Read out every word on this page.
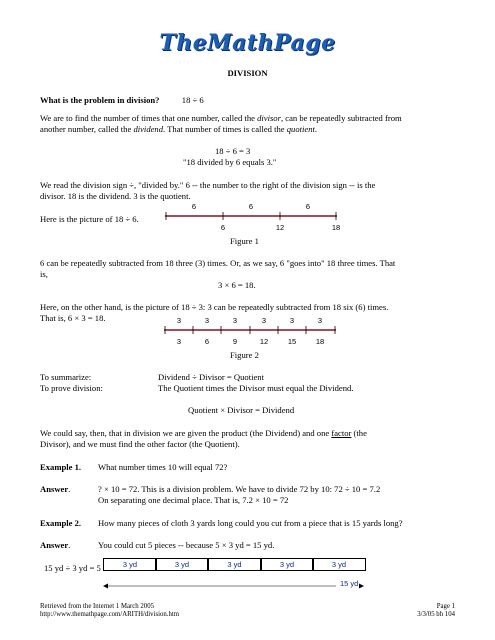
TheMathPage
DIVISION
What is the problem in division?	18 ÷ 6
We are to find the number of times that one number, called the divisor, can be repeatedly subtracted from
another number, called the dividend. That number of times is called the quotient.
18 ÷ 6 = 3
"18 divided by 6 equals 3."
We read the division sign ÷, "divided by." 6 -- the number to the right of the division sign -- is the
divisor. 18 is the dividend. 3 is the quotient.
Here is the picture of 18 ÷ 6.
6	6	6
6	12	18
Figure 1
6 can be repeatedly subtracted from 18 three (3) times. Or, as we say, 6 "goes into" 18 three times. That
is,
3 × 6 = 18.
Here, on the other hand, is the picture of 18 ÷ 3: 3 can be repeatedly subtracted from 18 six (6) times.
That is, 6 × 3 = 18.	3	3	3	3	3	3
3	6	9	12	15	18
Figure 2
To summarize:	Dividend ÷ Divisor = Quotient
To prove division:	The Quotient times the Divisor must equal the Dividend.
Quotient × Divisor = Dividend
We could say, then, that in division we are given the product (the Dividend) and one factor (the
Divisor), and we must find the other factor (the Quotient).
Example 1. What number times 10 will equal 72?
Answer.	? × 10 = 72. This is a division problem. We have to divide 72 by 10: 72 ÷ 10 = 7.2
On separating one decimal place. That is, 7.2 × 10 = 72
Example 2. How many pieces of cloth 3 yards long could you cut from a piece that is 15 yards long?
Answer.	You could cut 5 pieces -- because 5 × 3 yd = 15 yd.
15 yd ÷ 3 yd = 5	3 yd	3 yd	3 yd	3 yd	3 yd
15 yd
Retrieved from the Internet 1 March 2005
http://www.themathpage.com/ARITH/division.htm
Page 1
3/3/05 bh 104
